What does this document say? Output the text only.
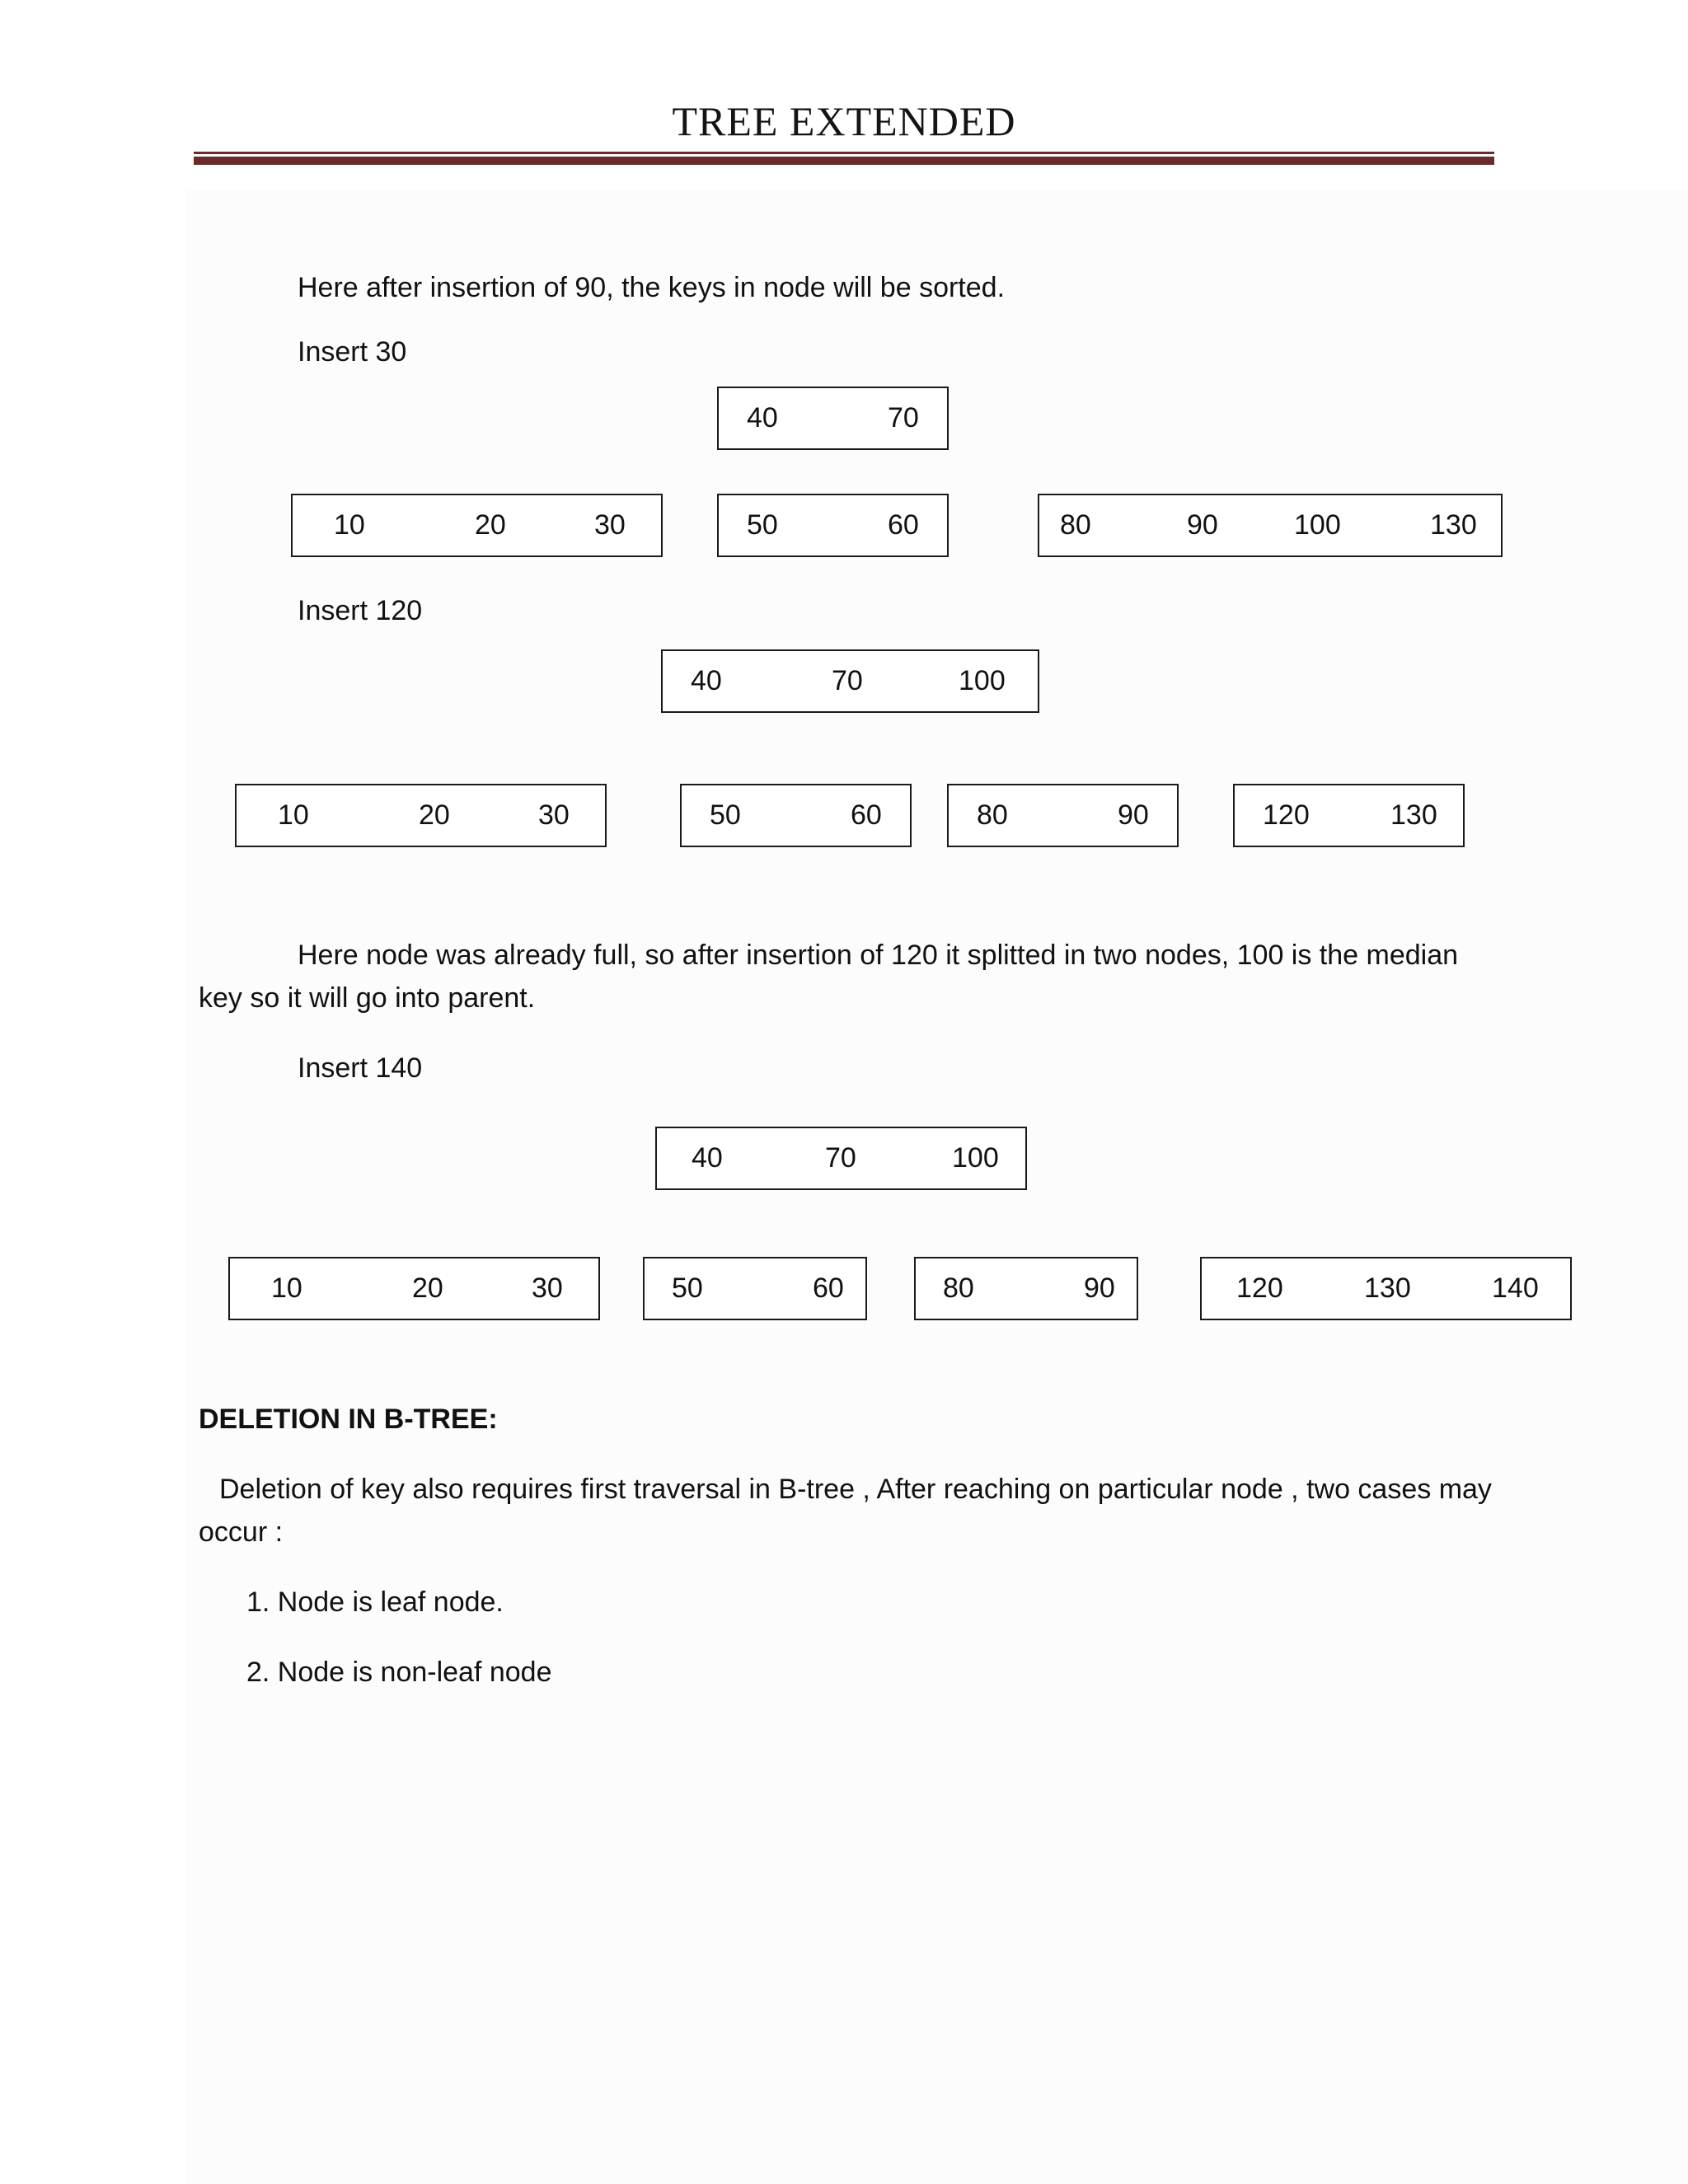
TREE EXTENDED
Here after insertion of 90, the keys in node will be sorted.
Insert 30
40	70
10	20	30	50	60	80	90	100	130
Insert 120
40	70	100
10	20	30	50	60	80	90	120	130
Here node was already full, so after insertion of 120 it splitted in two nodes, 100 is the median
key so it will go into parent.
Insert 140
40	70	100
10	20	30	50	60	80	90	120	130	140
DELETION IN B-TREE:
Deletion of key also requires first traversal in B-tree , After reaching on particular node , two cases may
occur :
1. Node is leaf node.
2. Node is non-leaf node
